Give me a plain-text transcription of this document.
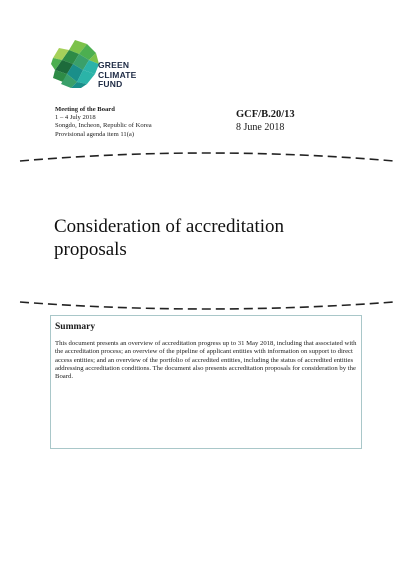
GREEN
CLIMATE
FUND
Meeting of the Board
1 – 4 July 2018
Songdo, Incheon, Republic of Korea
Provisional agenda item 11(a)
GCF/B.20/13
8 June 2018
Consideration of accreditation proposals
Summary
This document presents an overview of accreditation progress up to 31 May 2018, including that associated with the accreditation process; an overview of the pipeline of applicant entities with information on support to direct access entities; and an overview of the portfolio of accredited entities, including the status of accredited entities addressing accreditation conditions. The document also presents accreditation proposals for consideration by the Board.
